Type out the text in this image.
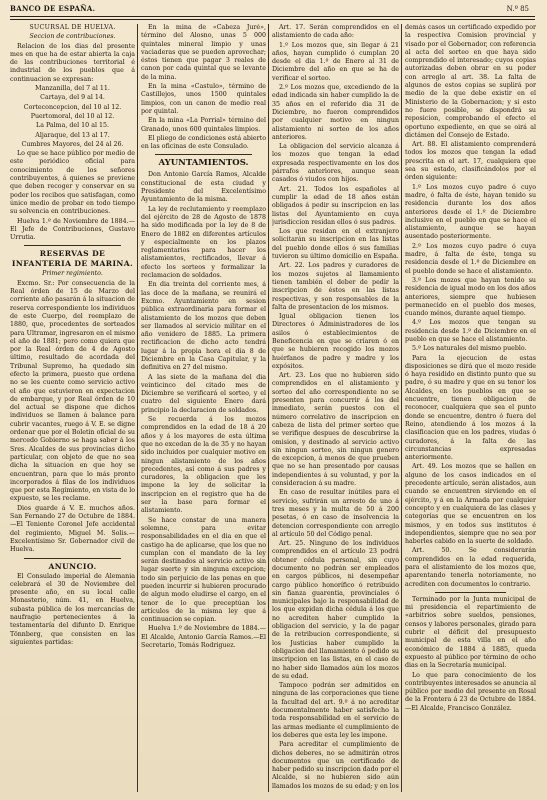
BANCO DE ESPAÑA.	N.º 85

SUCURSAL DE HUELVA.

Seccion de contribuciones.

Relacion de los dias del presente mes en que ha de estar abierta la caja de las contribuciones territorial é industrial de los pueblos que á continuacion se expresan:

Manzanilla, del 7 al 11.

Cartaya, del 9 al 14.

Corteconcepcion, del 10 al 12.

Puertomoral, del 10 al 12.

La Palma, del 10 al 15.

Aljaraque, del 13 al 17.

Cumbres Mayores, del 24 al 26.

Lo que se hace público por medio de este periódico oficial para conocimiento de los señores contribuyentes, á quienes se previene que deben recoger y conservar en su poder los recibos que satisfagan, como único medio de probar en todo tiempo su solvencia en contribuciones.

Huelva 1.º de Noviembre de 1884.—El Jefe de Contribuciones, Gustavo Urrutia.

RESERVAS DE INFANTERIA DE MARINA.

Primer regimiento.

Excmo. Sr.: Por consecuencia de la Real órden de 15 de Marzo del corriente año pasarán á la situacion de reserva correspondiente los individuos de este Cuerpo, del reemplazo de 1880, que, procedentes de sorteados para Ultramar, ingresaron en el mismo el año de 1881; pero como quiera que por la Real órden de 4 de Agosto último, resultado de acordada del Tribunal Supremo, ha quedado sin efecto la primera, puesto que ordena no se les cuente como servicio activo el año que estuvieron en expectacion de embarque, y por Real órden de 10 del actual se dispone que dichos individuos se llamen á balance para cubrir vacantes, ruego á V. E. se digne ordenar que por el Boletin oficial de su mercedo Gobierno se haga saber á los Sres. Alcaldes de sus provincias dicho particular, con objeto de que no sea dicha la situacion en que hoy se encuentran, para que lo más pronto incorporados á filas de los individuos que por esta Regimiento, en vista de lo expuesto, se les reclame.

Dios guarde á V. E. muchos años. San Fernando 27 de Octubre de 1884.—El Teniente Coronel Jefe accidental del regimiento, Miguel M. Solis.—Excelentísimo Sr. Gobernador civil de Huelva.

ANUNCIO.

El Consulado imperial de Alemania celebrará el 30 de Noviembre del presente año, en su local calle Monasterio, núm. 41, en Huelva, subasta pública de los mercancías de naufragio pertenecientes á la testamentaría del difunto D. Enrique Tönnberg, que consisten en las siguientes partidas:

En la mina de «Cabeza Juré», término del Alosno, unas 5 000 quintales mineral limpio y unas vaciaderas que se pueden aprovechar; éstos tienen que pagar 3 reales de canon por cada quintal que se levante de la mina.

En la mina «Castulo», término de Castillejos, unos 1500 quintales limpios, con un canon de medio real por quintal.

En la mina «La Porrial» término del Granado, unos 600 quintales limpios.

El pliego de condiciones está abierto en las oficinas de este Consulado.

AYUNTAMIENTOS.

Don Antonio García Ramos, Alcalde constitucional de esta ciudad y Presidente del Excelentísimo Ayuntamiento de la misma.

La ley de reclutamiento y reemplazo del ejército de 28 de Agosto de 1878 ha sido modificada por la ley de 8 de Enero de 1882 en diferentes artículos y especialmente en los plazos reglamentarios para hacer los alistamientos, rectificados, llevar á efecto los sorteos y formalizar la reclamacion de soldados.

En dia treinta del corriente mes, á las doce de la mañana, se reunirá el Excmo. Ayuntamiento en sesion pública extraordinaria para formar el alistamiento de los mozos que deben ser llamados al servicio militar en el año venidero de 1885. La primera rectificacion de dicho acto tendrá lugar á la propia hora el dia 8 de Diciembre en la Casa Capitular, y la definitiva en 27 del mismo.

A las siete de la mañana del dia veinticinco del citado mes de Diciembre se verificará el sorteo, y el cuatro del siguiente Enero dará principio la declaracion de soldados.

Se recuerda á los mozos comprendidos en la edad de 18 á 20 años y á los mayores de esta última que no excedan de la de 35 y no hayan sido incluidos por cualquier motivo en ningun alistamiento de los años precedentes, así como á sus padres y curadores, la obligacion que les impone la ley de solicitar la inscripcion en el registro que ha de ser la base para formar el alistamiento.

Se hace constar de una manera solemne, para evitar responsabilidades en el dia en que el castigo ha de aplicarse, que los que no cumplan con el mandato de la ley serán destinados al servicio activo sin lugar suerte y sin ninguna excepcion; todo sin perjuicio de las penas en que pueden incurrir si hubieren procurado de algun modo eludirse el cargo, en el tenor de lo que preceptúan los artículos de la misma ley que á continuacion se copian.

Huelva 1.º de Noviembre de 1884.—El Alcalde, Antonio García Ramos.—El Secretario, Tomás Rodriguez.

Art. 17. Serán comprendidos en el alistamiento de cada año:

1.º Los mozos que, sin llegar á 21 años, hayan cumplido ó cumplan 20 desde el dia 1.º de Enero al 31 de Diciembre del año en que se ha de verificar el sorteo.

2.º Los mozos que, excediendo de la edad indicada sin haber cumplido la de 35 años en el referido dia 31 de Diciembre, no fueron comprendidos por cualquier motivo en ningun alistamiento ni sorteo de los años anteriores.

La obligacion del servicio alcanza á los mozos que tengan la edad expresada respectivamente en los dos párrafos anteriores, aunque sean casados ó viudos con hijos.

Art. 21. Todos los españoles al cumplir la edad de 18 años están obligados á pedir su inscripcion en las listas del Ayuntamiento en cuya jurisdiccion residan ellos ó sus padres.

Los que residan en el extranjero solicitarán su inscripcion en las listas del pueblo donde ellos ó sus familias tuvieron su último domicilio en España.

Art. 22. Los padres y curadores de los mozos sujetos al llamamiento tienen también el deber de pedir la inscripcion de éstos en las listas respectivas, y son responsables de la falta de presentacion de los mismos.

Igual obligacion tienen los Directores ó Administradores de los asilos ó establecimientos de Beneficencia en que se críaren ó en que se hubieren recogido los mozos huérfanos de padre y madre y los expósitos.

Art. 23. Los que no hubieren sido comprendidos en el alistamiento y sorteo del año correspondiente no se presenten para concurrir á los del inmediato, serán puestos con el número correlativo de inscripcion en cabeza de lista del primer sorteo que se verifique despues de descubrirse la omision, y destinado al servicio activo sin ningun sorteo, sin ningun genero de excepcion, á menos de que prueben que no se han presentado por causas independientes á su voluntad, y por la consideracion á su madre.

En caso de resultar inútiles para el servicio, sufrirán un arresto de uno á tres meses y la multa de 50 á 200 pesetas, ó en caso de insolvencia la detencion correspondiente con arreglo al artículo 50 del Código penal.

Art. 25. Ninguno de los individuos comprendidos en el artículo 23 podrá obtener cédula personal, sin cuyo documento no podrán ser empleados en cargos públicos, ni desempeñar cargo público honorífico ó retribuido sin fianza guarentia, provinciales ó municipales bajo la responsabilidad de los que expidan dicha cédula á los que no acrediten haber cumplido la obligacion del servicio, y la de pagar de la retribucion correspondiente, si los Justicias haber cumplido la obligacion del llamamiento ó pedido su inscripcion en las listas, en el caso de no haber sido llamados aún los mozos de su edad.

Tampoco podrán ser admitidos en ninguna de las corporaciones que tiene la facultad del art. 9.º á no acreditar documentalmente haber satisfecho la toda responsabilidad en el servicio de las armas mediante el cumplimiento de los deberes que esta ley les impone.

Para acreditar el cumplimiento de dichos deberes, no se admitirán otros documentos que un certificado de haber pedido su inscripcion dado por el Alcalde, si no hubieren sido aún llamados los mozos de su edad; y en los

demás casos un certificado expedido por la respectiva Comision provincial y visado por el Gobernador, con referencia al acta del sorteo en que haya sido comprendido el interesado; cuyos copias autorizadas deben obrar en su poder con arreglo al art. 38. La falta de algunos de estos copias se suplirá por medio de la que debe existir en el Ministerio de la Gobernacion; y si esto no fuere posible, se dispondrá su reposicion, comprobando el efecto el oportuno expediente, en que se oirá al dictámen del Consejo de Estado.

Art. 88. El alistamiento comprenderá todos los mozos que tengan la edad prescrita en el art. 17, cualquiera que sea su estado, clasificándolos por el órden siguiente:

1.º Los mozos cuyo padre ó cuyo madre, ó falta de éste, hayan tenido su residencia durante los dos años anteriores desde el 1.º de Diciembre inclusive en el pueblo en que se hace el alistamiento, aunque se hayan ausentado posteriormente.

2.º Los mozos cuyo padre ó cuya madre, á falta de éste, tenga su residencia desde el 1.º de Diciembre en el pueblo donde se hace el alistamiento.

3.º Los mozos que hayan tenido su residencia de igual modo en los dos años anteriores, siempre que hubiesen permanecido en el pueblo dos meses, cuando ménos, durante aquel tiempo.

4.º Los mozos que tengan su residencia desde 1.º de Diciembre en el pueblo en que se hace el alistamiento.

5.º Los naturales del mismo pueblo.

Para la ejecucion de estas disposiciones se dirá que el mozo reside ó haya residido en distinto punto que su padre, ó su madre y que en su tenor los Alcaldes, en los pueblos en que se encuentre, tienen obligacion de reconocer, cualquiera que sea el punto donde se encuentre, dentro ó fuera del Reino, atendiendo á los mozos á la clasificacion que en los padres, viudas ó curadores, á la falta de las circunstancias expresadas anteriormente.

Art. 49. Los mozos que se hallen en alguno de los casos indicados en el precedente artículo, serán alistados, aun cuando se encuentren sirviendo en el ejército, y á en la Armada por cualquier concepto y en cualquiera de las clases y categorías que se encuentren en los mismos, y en todos sus institutos é independientes, siempre que no sea por haberles cabido en la suerte de soldado.

Art. 50. Se considerarán comprendidos en la edad requerida, para el alistamiento de los mozos que, aparentando tenerla notoriamente, no acrediten con documentos lo contrario.

Terminado por la Junta municipal de mi presidencia el repartimiento de «arbitrios sobre sueldos, pensiones, censos y labores personales, girado para cubrir el déficit del presupuesto municipal de esta villa en el año económico de 1884 á 1885, queda expuesto al público por término de ocho dias en la Secretaría municipal.

Lo que para conocimiento de los contribuyentes interesados se anuncia al público por medio del presente en Rosal de la Frontera á 23 de Octubre de 1884.—El Alcalde, Francisco González.
